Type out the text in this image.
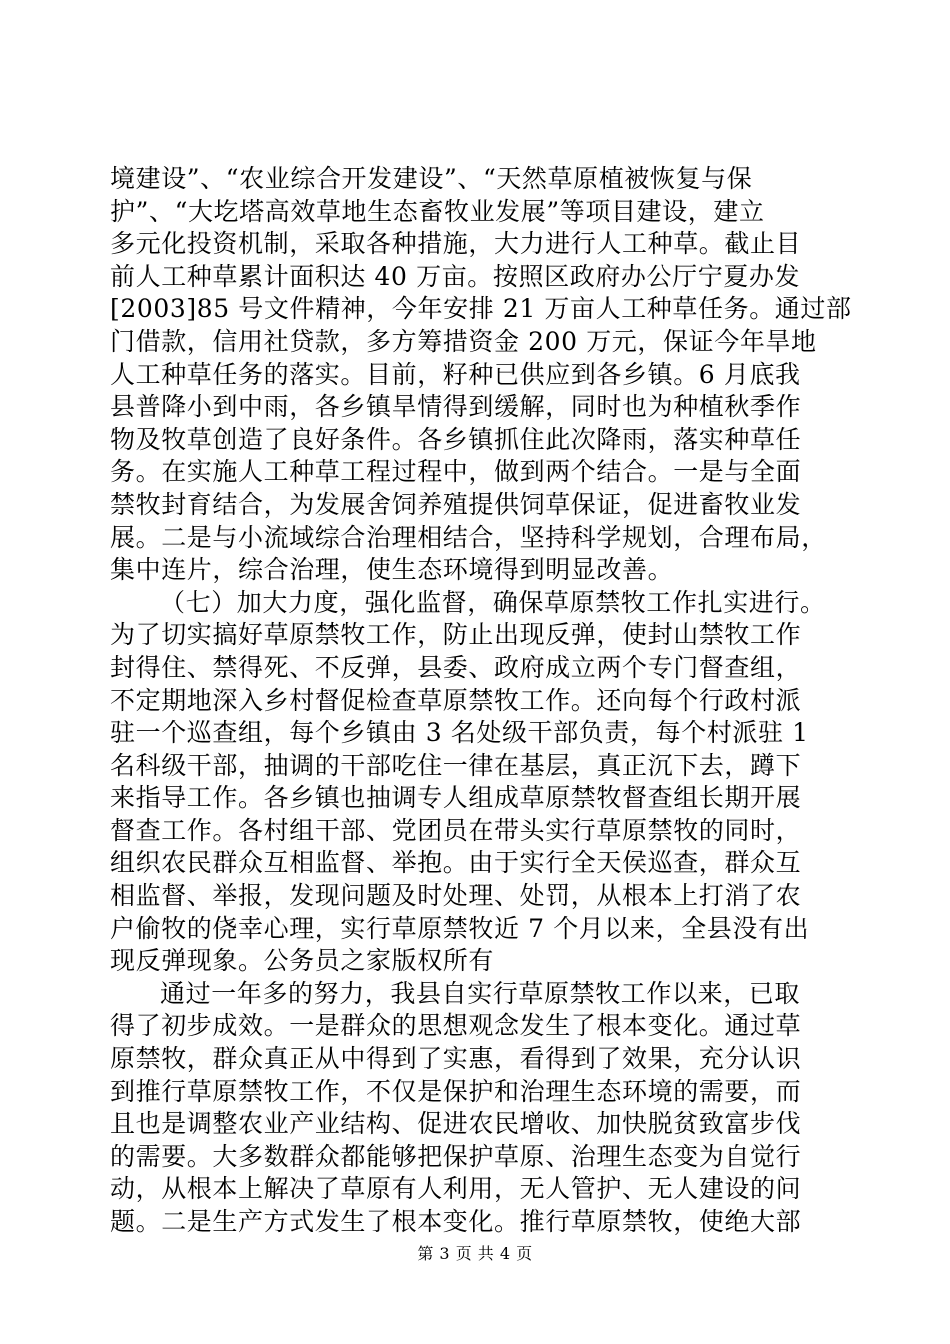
境建设”、“农业综合开发建设”、“天然草原植被恢复与保
护”、“大圪塔高效草地生态畜牧业发展”等项目建设，建立
多元化投资机制，采取各种措施，大力进行人工种草。截止目
前人工种草累计面积达 40 万亩。按照区政府办公厅宁夏办发
[2003]85 号文件精神，今年安排 21 万亩人工种草任务。通过部
门借款，信用社贷款，多方筹措资金 200 万元，保证今年旱地
人工种草任务的落实。目前，籽种已供应到各乡镇。6 月底我
县普降小到中雨，各乡镇旱情得到缓解，同时也为种植秋季作
物及牧草创造了良好条件。各乡镇抓住此次降雨，落实种草任
务。在实施人工种草工程过程中，做到两个结合。一是与全面
禁牧封育结合，为发展舍饲养殖提供饲草保证，促进畜牧业发
展。二是与小流域综合治理相结合，坚持科学规划，合理布局，
集中连片，综合治理，使生态环境得到明显改善。
（七）加大力度，强化监督，确保草原禁牧工作扎实进行。
为了切实搞好草原禁牧工作，防止出现反弹，使封山禁牧工作
封得住、禁得死、不反弹，县委、政府成立两个专门督查组，
不定期地深入乡村督促检查草原禁牧工作。还向每个行政村派
驻一个巡查组，每个乡镇由 3 名处级干部负责，每个村派驻 1
名科级干部，抽调的干部吃住一律在基层，真正沉下去，蹲下
来指导工作。各乡镇也抽调专人组成草原禁牧督查组长期开展
督查工作。各村组干部、党团员在带头实行草原禁牧的同时，
组织农民群众互相监督、举抱。由于实行全天侯巡查，群众互
相监督、举报，发现问题及时处理、处罚，从根本上打消了农
户偷牧的侥幸心理，实行草原禁牧近 7 个月以来，全县没有出
现反弹现象。公务员之家版权所有
通过一年多的努力，我县自实行草原禁牧工作以来，已取
得了初步成效。一是群众的思想观念发生了根本变化。通过草
原禁牧，群众真正从中得到了实惠，看得到了效果，充分认识
到推行草原禁牧工作，不仅是保护和治理生态环境的需要，而
且也是调整农业产业结构、促进农民增收、加快脱贫致富步伐
的需要。大多数群众都能够把保护草原、治理生态变为自觉行
动，从根本上解决了草原有人利用，无人管护、无人建设的问
题。二是生产方式发生了根本变化。推行草原禁牧，使绝大部
第 3 页 共 4 页
